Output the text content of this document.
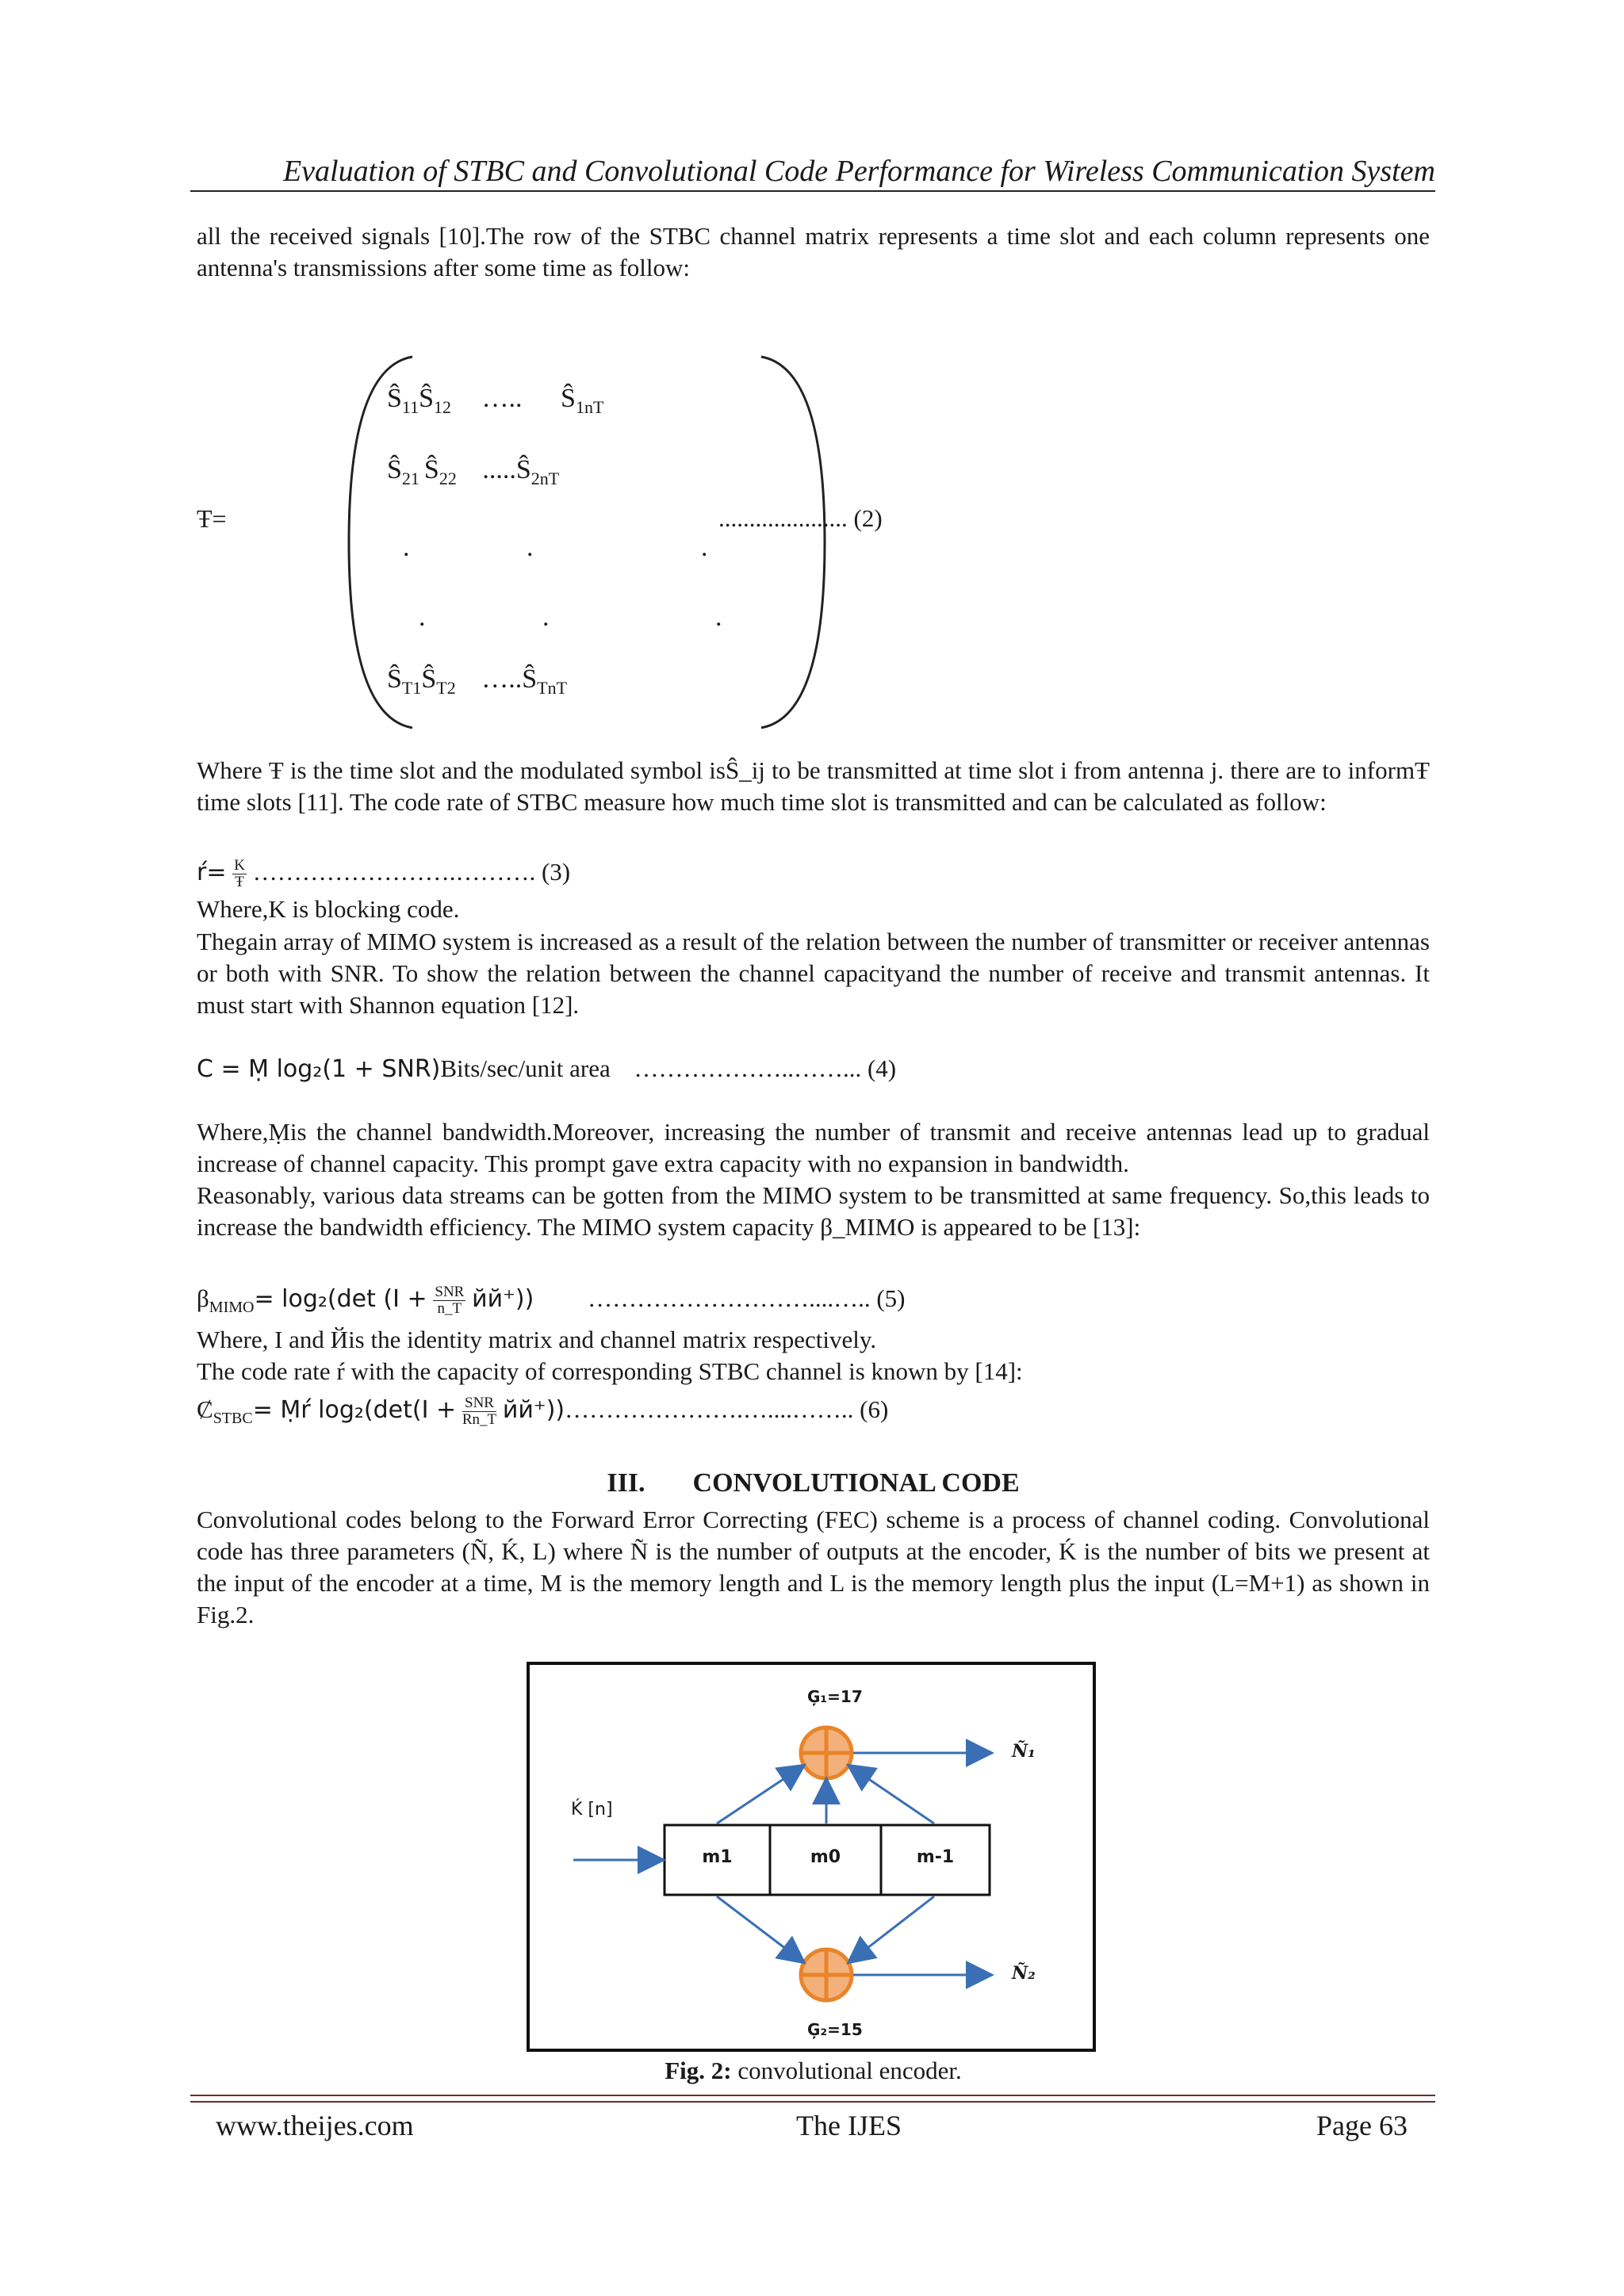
Evaluation of STBC and Convolutional Code Performance for Wireless Communication System
all the received signals [10].The row of the STBC channel matrix represents a time slot and each column represents one antenna's transmissions after some time as follow:
Ŧ=
$Ŝ_{11}Ŝ_{12}$ ….. $Ŝ_{1nT}$
$Ŝ_{21}$ $Ŝ_{22}$ $.....Ŝ_{2nT}$
.	.	.
.	.	.
$Ŝ_{T1}Ŝ_{T2}$ $\dots..Ŝ_{TnT}$
..................... (2)
Where Ŧ is the time slot and the modulated symbol isŜ_ij to be transmitted at time slot i from antenna j. there are to informŦ time slots [11]. The code rate of STBC measure how much time slot is transmitted and can be calculated as follow:
ŕ= $\frac{K}{Ŧ}$ …………………….………. (3)
Where,K is blocking code.
Thegain array of MIMO system is increased as a result of the relation between the number of transmitter or receiver antennas or both with SNR. To show the relation between the channel capacityand the number of receive and transmit antennas. It must start with Shannon equation [12].
C = Ṃ log₂(1 + SNR)Bits/sec/unit area ………………..……... (4)
Where,Ṃis the channel bandwidth.Moreover, increasing the number of transmit and receive antennas lead up to gradual increase of channel capacity. This prompt gave extra capacity with no expansion in bandwidth.
Reasonably, various data streams can be gotten from the MIMO system to be transmitted at same frequency. So,this leads to increase the bandwidth efficiency. The MIMO system capacity β_MIMO is appeared to be [13]:
$\beta_{MIMO}= \log_2(\det$ $(I + \frac{\text{SNR}}{n\_T} йй^+)$) ………………………....….. (5)
Where, I and Йis the identity matrix and channel matrix respectively.
The code rate ŕ with the capacity of corresponding STBC channel is known by [14]:
$Ȼ_{STBC}=$ Ṃŕ $\log_2(\det(I + \frac{\text{SNR}}{Rn\_T}$ йй⁺))………………….…....…….. (6)
III. CONVOLUTIONAL CODE
Convolutional codes belong to the Forward Error Correcting (FEC) scheme is a process of channel coding. Convolutional code has three parameters (Ñ, Ḱ, L) where Ñ is the number of outputs at the encoder, Ḱ is the number of bits we present at the input of the encoder at a time, M is the memory length and L is the memory length plus the input (L=M+1) as shown in Fig.2.
Ģ₁=17
Ģ₂=15
Ḱ [n]
Ñ₁
Ñ₂
m1	m0	m-1
Fig. 2: convolutional encoder.
www.theijes.com	The IJES	Page 63
